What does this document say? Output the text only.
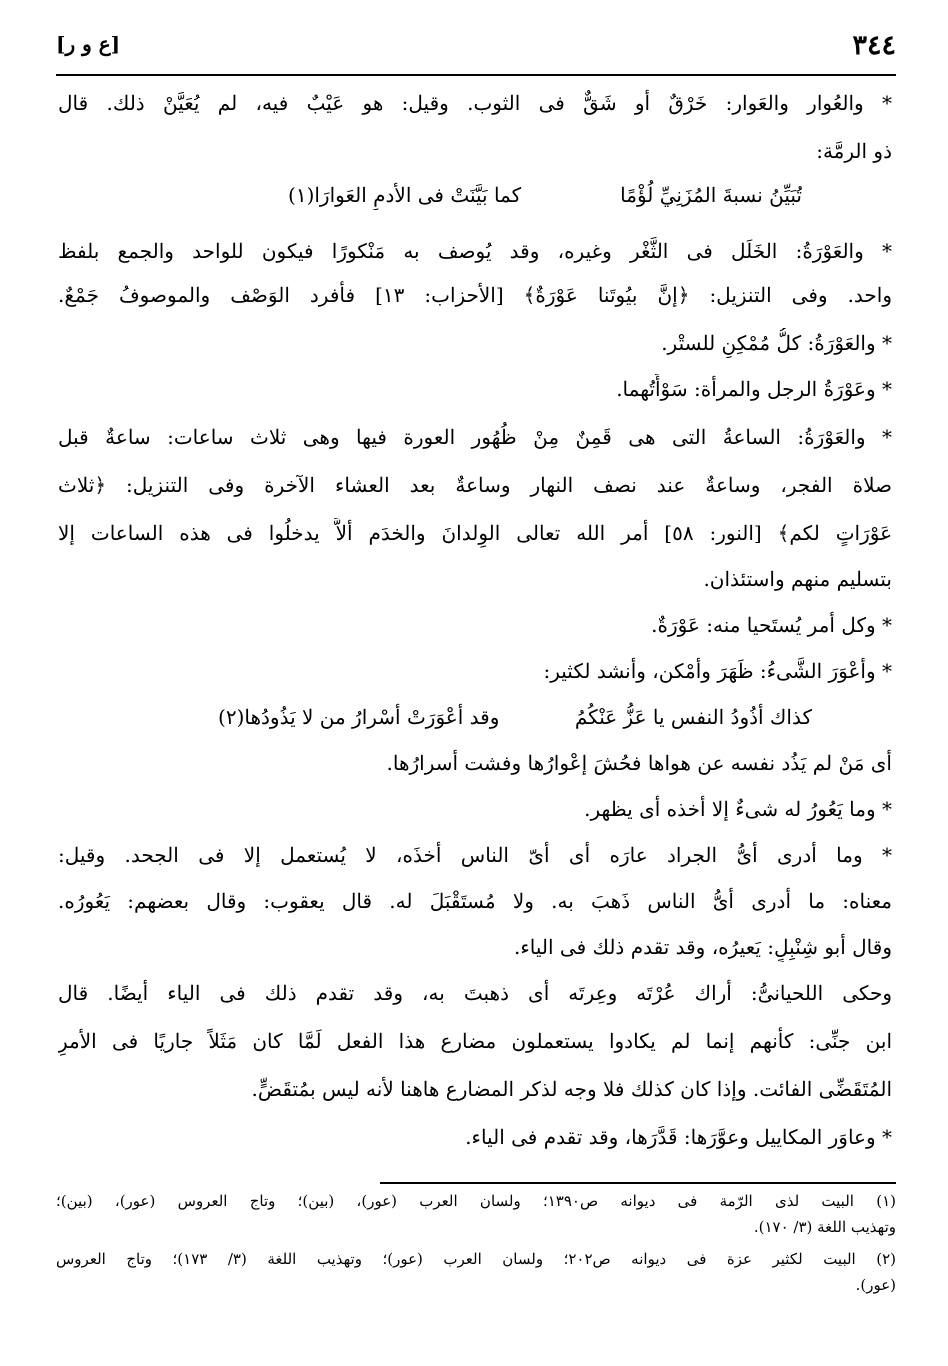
٣٤٤
[ع و ر]
* والعُوار والعَوار: خَرْقٌ أو شَقٌّ فى الثوب. وقيل: هو عَيْبٌ فيه، لم يُعَيَّنْ ذلك. قال
ذو الرمَّة:
تُبَيِّنُ نسبةَ المُزَنِيِّ لُؤْمًا
كما بَيَّنَتْ فى الأدمِ العَوارَا(١)
* والعَوْرَةُ: الخَلَل فى الثَّغْر وغيره، وقد يُوصف به مَنْكورًا فيكون للواحد والجمع بلفظ
واحد. وفى التنزيل: ﴿إنَّ بيُوتَنا عَوْرَةٌ﴾ [الأحزاب: ١٣] فأفرد الوَصْف والموصوفُ جَمْعٌ.
* والعَوْرَةُ: كلُّ مُمْكِنٍ للستْر.
* وعَوْرَةُ الرجل والمرأة: سَوْأَتُهما.
* والعَوْرَةُ: الساعةُ التى هى قَمِنٌ مِنْ ظُهُور العورة فيها وهى ثلاث ساعات: ساعةٌ قبل
صلاة الفجر، وساعةٌ عند نصف النهار وساعةٌ بعد العشاء الآخرة وفى التنزيل: ﴿ثلاث
عَوْرَاتٍ لكم﴾ [النور: ٥٨] أمر الله تعالى الوِلدانَ والخدَم ألاَّ يدخلُوا فى هذه الساعات إلا
بتسليم منهم واستئذان.
* وكل أمر يُستَحيا منه: عَوْرَةٌ.
* وأعْوَرَ الشَّىءُ: ظَهَرَ وأمْكن، وأنشد لكثير:
كذاك أذُودُ النفس يا عَزُّ عَنْكُمُ
وقد أعْوَرَتْ أسْرارُ من لا يَذُودُها(٢)
أى مَنْ لم يَذُد نفسه عن هواها فحُشَ إعْوارُها وفشت أسرارُها.
* وما يَعُورُ له شىءٌ إلا أخذه أى يظهر.
* وما أدرى أىُّ الجراد عارَه أى أىّ الناس أخذَه، لا يُستعمل إلا فى الجحد. وقيل:
معناه: ما أدرى أىُّ الناس ذَهبَ به. ولا مُستَقْبَلَ له. قال يعقوب: وقال بعضهم: يَعُورُه.
وقال أبو شِنْبِلٍ: يَعيرُه، وقد تقدم ذلك فى الياء.
وحكى اللحيانىُّ: أراك عُرْتَه وعِرتَه أى ذهبتَ به، وقد تقدم ذلك فى الياء أيضًا. قال
ابن جنِّى: كأنهم إنما لم يكادوا يستعملون مضارع هذا الفعل لَمَّا كان مَثَلاً جاريًا فى الأمرِ
المُتَقَضِّى الفائت. وإذا كان كذلك فلا وجه لذكر المضارع هاهنا لأنه ليس بمُتقَضٍّ.
* وعاوَر المكاييل وعوَّرَها: قَدَّرَها، وقد تقدم فى الياء.
(١) البيت لذى الرّمة فى ديوانه ص١٣٩٠؛ ولسان العرب (عور)، (بين)؛ وتاج العروس (عور)، (بين)؛
وتهذيب اللغة (٣/ ١٧٠).
(٢) البيت لكثير عزة فى ديوانه ص٢٠٢؛ ولسان العرب (عور)؛ وتهذيب اللغة (٣/ ١٧٣)؛ وتاج العروس
(عور).
